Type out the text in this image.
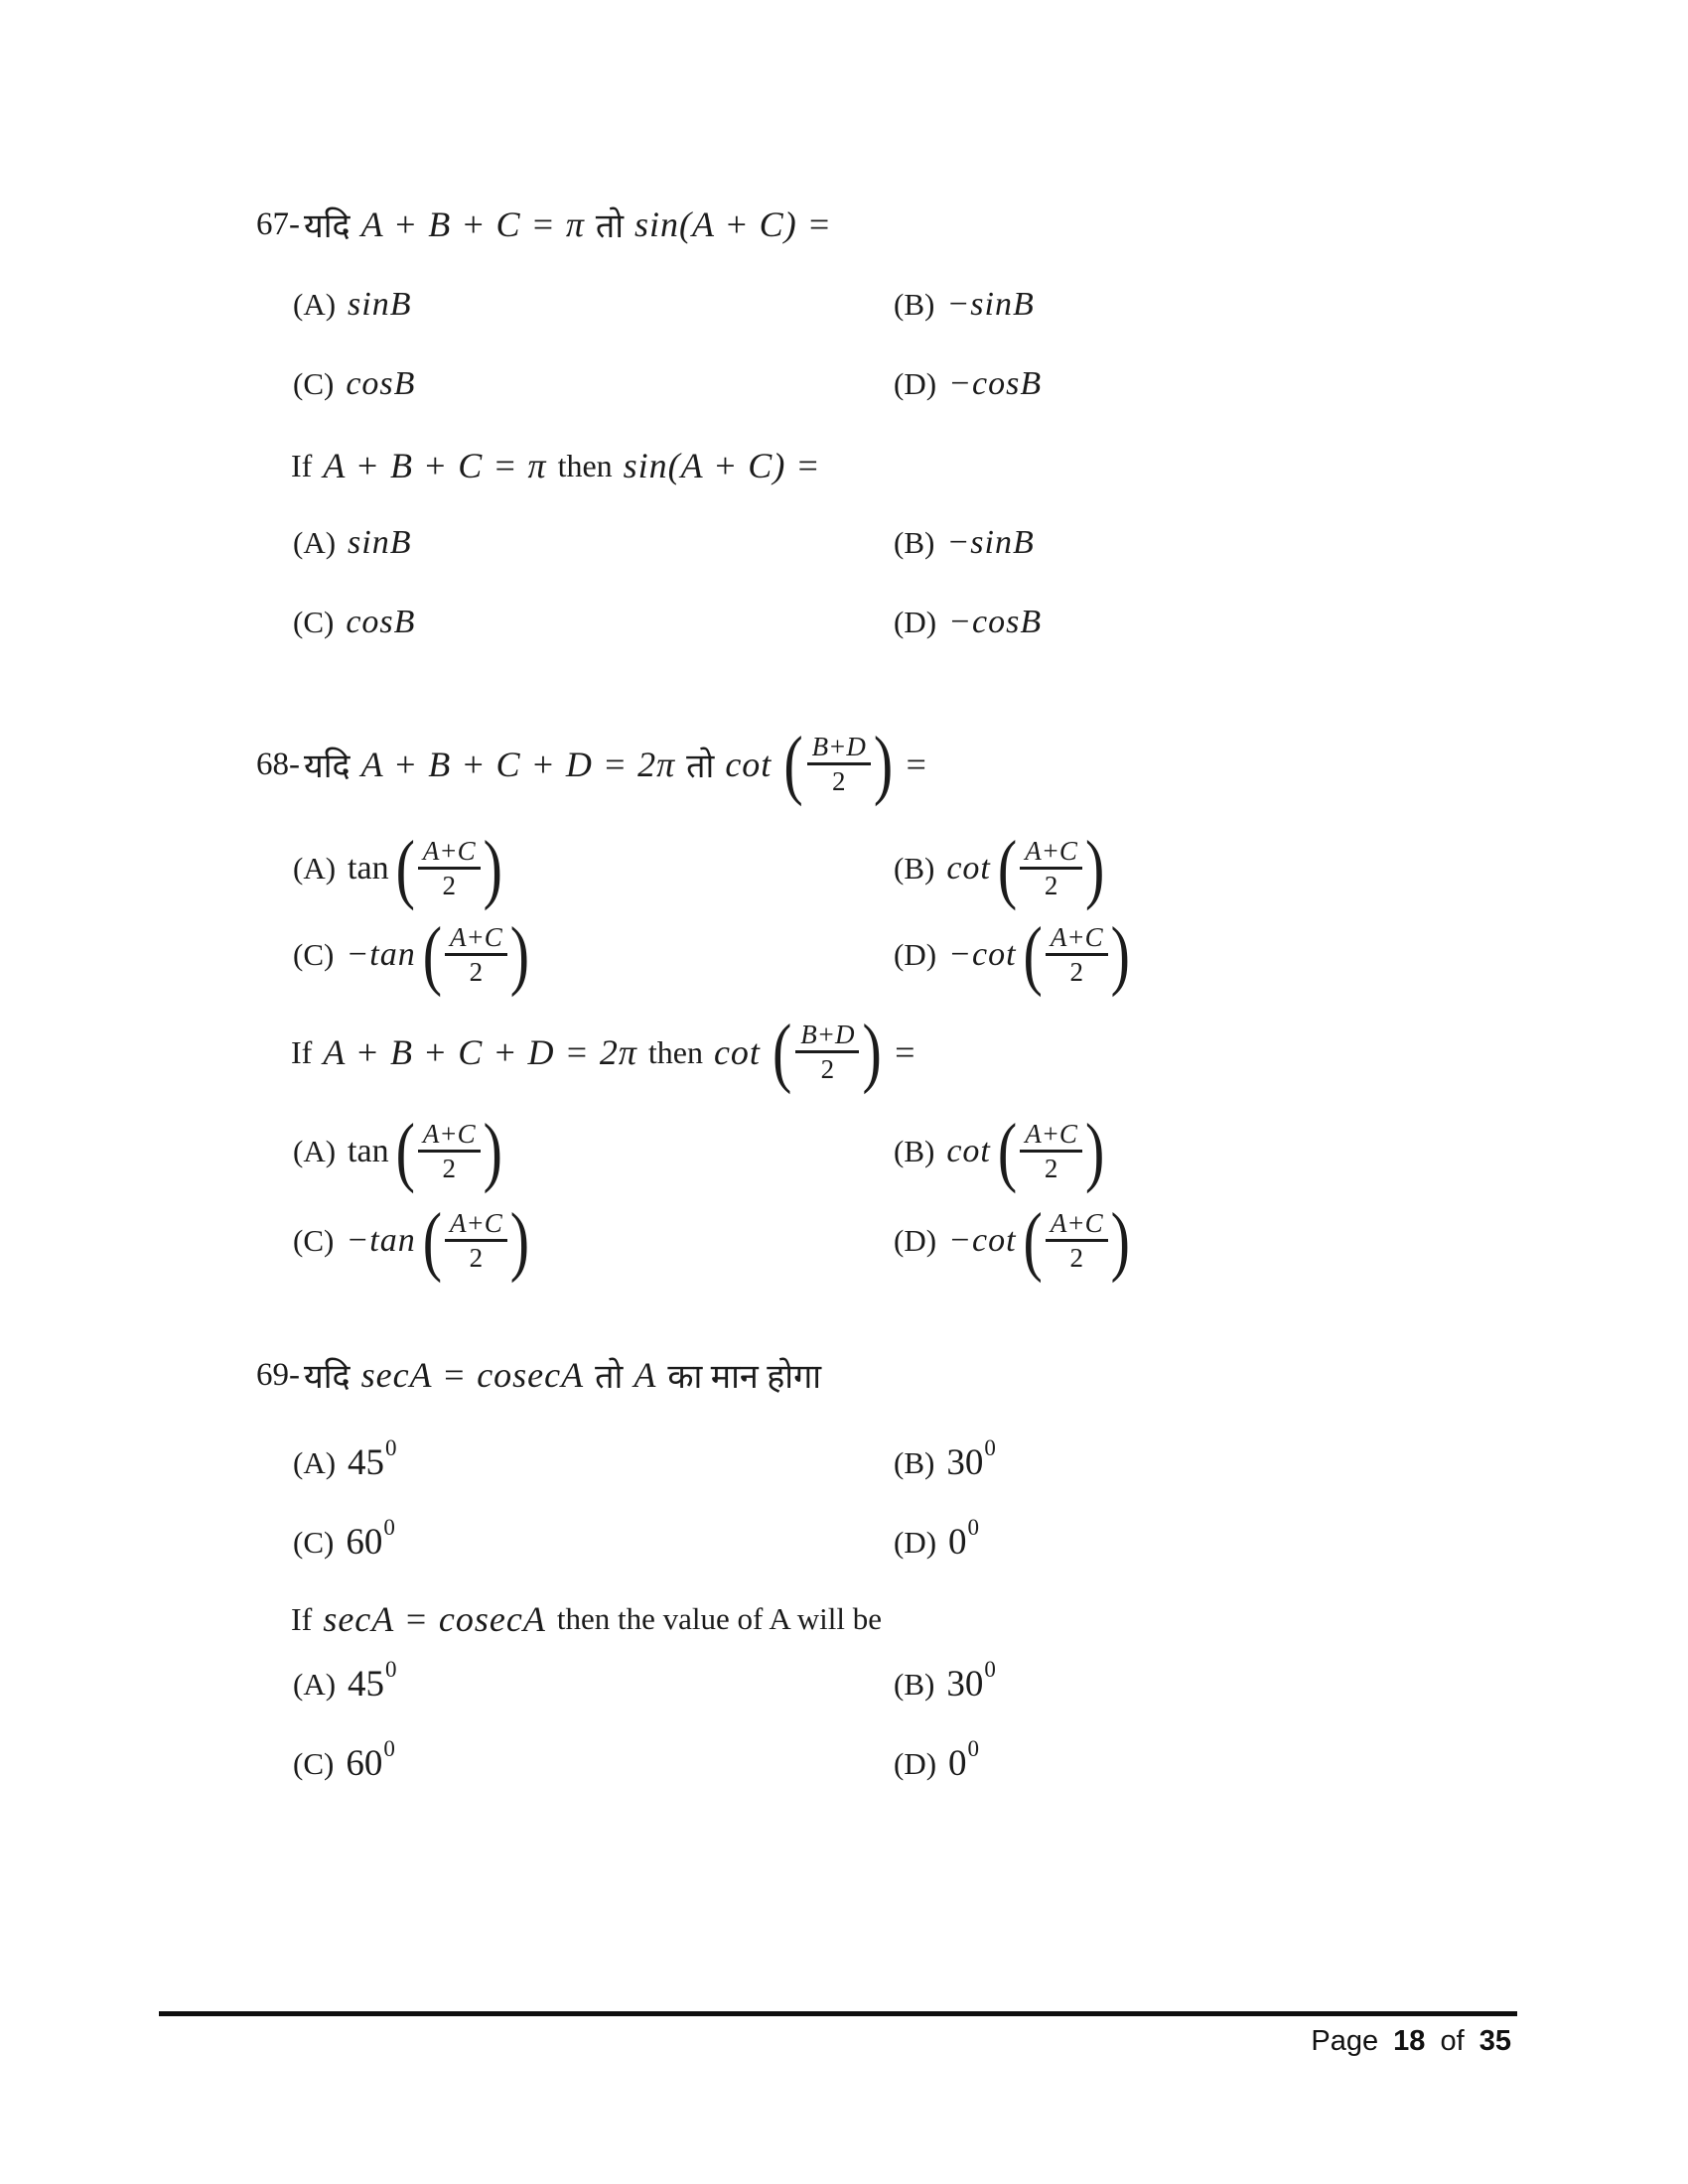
67- यदि A + B + C = π तो sin(A + C) =
(A) sinB	(B) −sinB
(C) cosB	(D) −cosB
If A + B + C = π then sin(A + C) =
(A) sinB	(B) −sinB
(C) cosB	(D) −cosB
68- यदि A + B + C + D = 2π तो cot ( $\frac{B+D}{2}$ ) =
(A) tan ( $\frac{A+C}{2}$ )	(B) cot ( $\frac{A+C}{2}$ )
(C) −tan ( $\frac{A+C}{2}$ )	(D) −cot ( $\frac{A+C}{2}$ )
If A + B + C + D = 2π then cot ( $\frac{B+D}{2}$ ) =
(A) tan ( $\frac{A+C}{2}$ )	(B) cot ( $\frac{A+C}{2}$ )
(C) −tan ( $\frac{A+C}{2}$ )	(D) −cot ( $\frac{A+C}{2}$ )
69- यदि secA = cosecA तो A का मान होगा
(A) 45 0	(B) 30 0
(C) 60 0	(D) 0 0
If secA = cosecA then the value of A will be
(A) 45 0	(B) 30 0
(C) 60 0	(D) 0 0
Page 18 of 35
